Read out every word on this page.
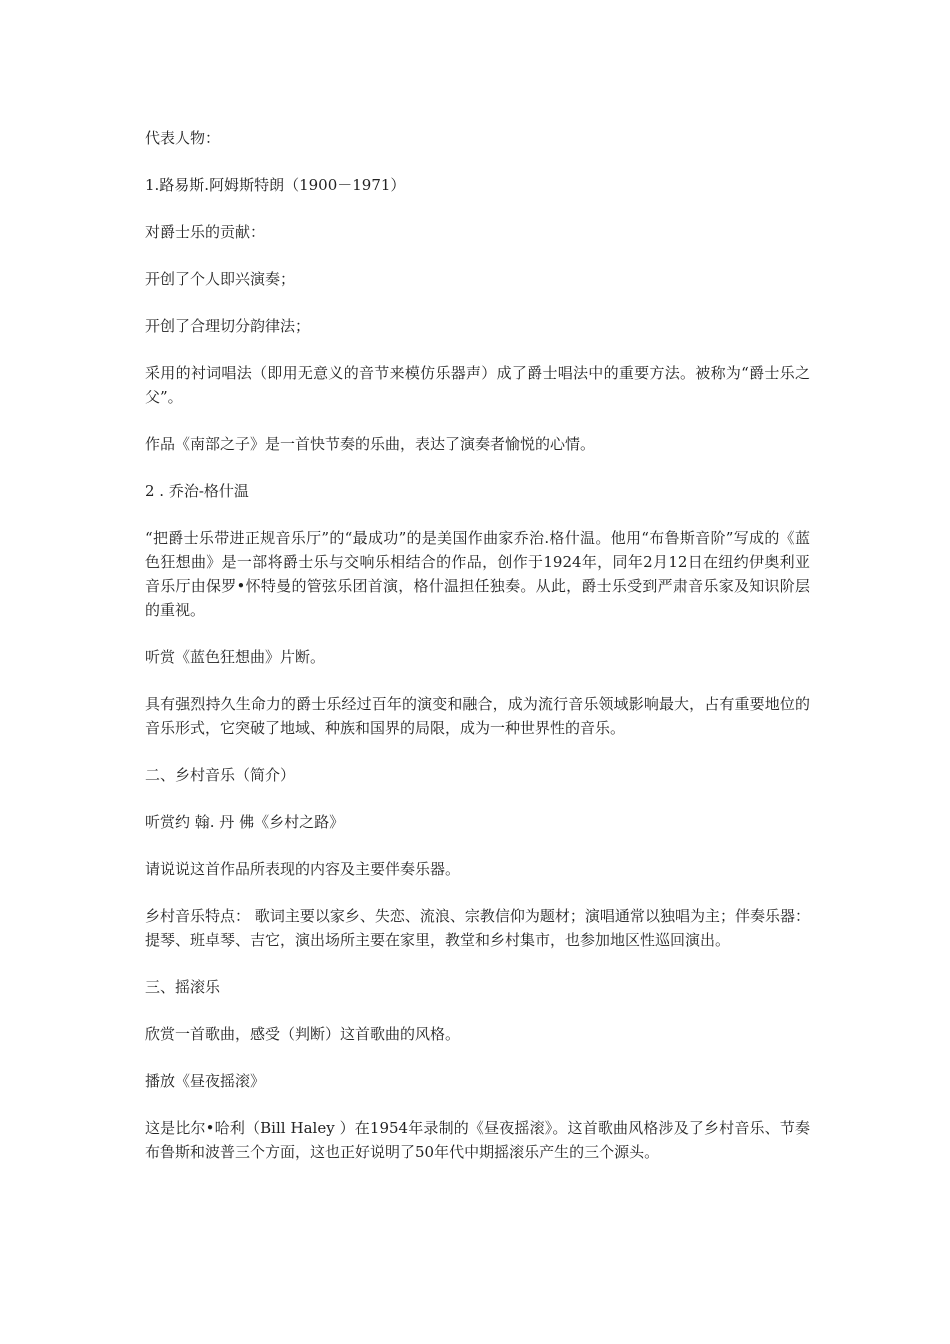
代表人物：

1.路易斯.阿姆斯特朗（1900－1971）

对爵士乐的贡献：

开创了个人即兴演奏；

开创了合理切分韵律法；

采用的衬词唱法（即用无意义的音节来模仿乐器声）成了爵士唱法中的重要方法。被称为“爵士乐之父”。

作品《南部之子》是一首快节奏的乐曲，表达了演奏者愉悦的心情。

2 . 乔治-格什温

“把爵士乐带进正规音乐厅”的“最成功”的是美国作曲家乔治.格什温。他用“布鲁斯音阶”写成的《蓝色狂想曲》是一部将爵士乐与交响乐相结合的作品，创作于1924年，同年2月12日在纽约伊奥利亚音乐厅由保罗•怀特曼的管弦乐团首演，格什温担任独奏。从此，爵士乐受到严肃音乐家及知识阶层的重视。

听赏《蓝色狂想曲》片断。

具有强烈持久生命力的爵士乐经过百年的演变和融合，成为流行音乐领域影响最大，占有重要地位的音乐形式，它突破了地域、种族和国界的局限，成为一种世界性的音乐。

二、乡村音乐（简介）

听赏约 翰. 丹 佛《乡村之路》

请说说这首作品所表现的内容及主要伴奏乐器。

乡村音乐特点： 歌词主要以家乡、失恋、流浪、宗教信仰为题材；演唱通常以独唱为主；伴奏乐器：提琴、班卓琴、吉它，演出场所主要在家里，教堂和乡村集市，也参加地区性巡回演出。

三、摇滚乐

欣赏一首歌曲，感受（判断）这首歌曲的风格。

播放《昼夜摇滚》

这是比尔•哈利（Bill Haley ）在1954年录制的《昼夜摇滚》。这首歌曲风格涉及了乡村音乐、节奏布鲁斯和波普三个方面，这也正好说明了50年代中期摇滚乐产生的三个源头。
